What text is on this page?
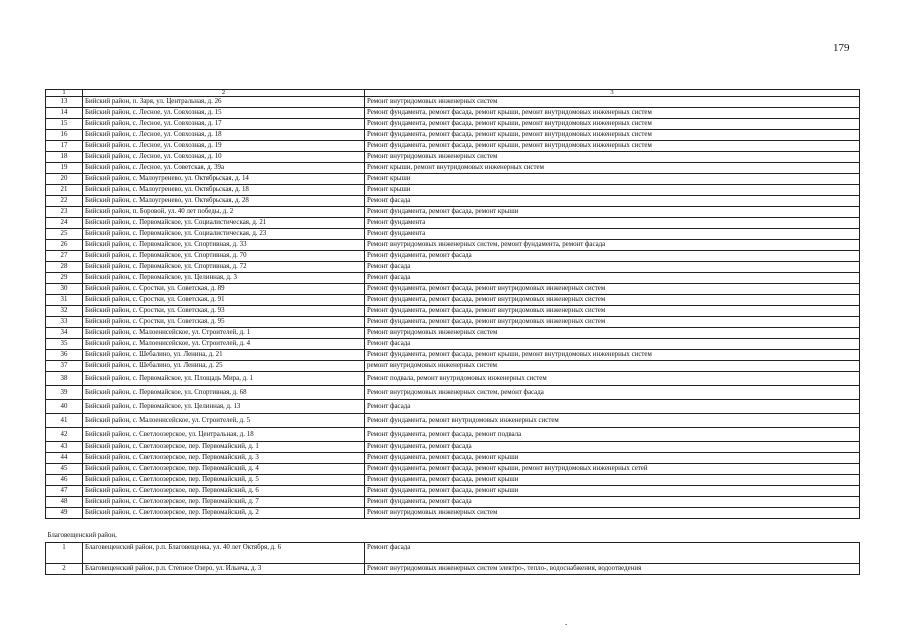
179
1	2	3
13	Бийский район, п. Заря, ул. Центральная, д. 26	Ремонт внутридомовых инженерных систем
14	Бийский район, с. Лесное, ул. Совхозная, д. 15	Ремонт фундамента, ремонт фасада, ремонт крыши, ремонт внутридомовых инженерных систем
15	Бийский район, с. Лесное, ул. Совхозная, д. 17	Ремонт фундамента, ремонт фасада, ремонт крыши, ремонт внутридомовых инженерных систем
16	Бийский район, с. Лесное, ул. Совхозная, д. 18	Ремонт фундамента, ремонт фасада, ремонт крыши, ремонт внутридомовых инженерных систем
17	Бийский район, с. Лесное, ул. Совхозная, д. 19	Ремонт фундамента, ремонт фасада, ремонт крыши, ремонт внутридомовых инженерных систем
18	Бийский район, с. Лесное, ул. Совхозная, д. 10	Ремонт внутридомовых инженерных систем
19	Бийский район, с. Лесное, ул. Советская, д. 39а	Ремонт крыши, ремонт внутридомовых инженерных систем
20	Бийский район, с. Малоугренево, ул. Октябрьская, д. 14	Ремонт крыши
21	Бийский район, с. Малоугренево, ул. Октябрьская, д. 18	Ремонт крыши
22	Бийский район, с. Малоугренево, ул. Октябрьская, д. 28	Ремонт фасада
23	Бийский район, п. Боровой, ул. 40 лет победы, д. 2	Ремонт фундамента, ремонт фасада, ремонт крыши
24	Бийский район, с. Первомайское, ул. Социалистическая, д. 21	Ремонт фундамента
25	Бийский район, с. Первомайское, ул. Социалистическая, д. 23	Ремонт фундамента
26	Бийский район, с. Первомайское, ул. Спортивная, д. 33	Ремонт внутридомовых инженерных систем, ремонт фундамента, ремонт фасада
27	Бийский район, с. Первомайское, ул. Спортивная, д. 70	Ремонт фундамента, ремонт фасада
28	Бийский район, с. Первомайское, ул. Спортивная, д. 72	Ремонт фасада
29	Бийский район, с. Первомайское, ул. Целинная, д. 3	Ремонт фасада
30	Бийский район, с. Сростки, ул. Советская, д. 89	Ремонт фундамента, ремонт фасада, ремонт внутридомовых инженерных систем
31	Бийский район, с. Сростки, ул. Советская, д. 91	Ремонт фундамента, ремонт фасада, ремонт внутридомовых инженерных систем
32	Бийский район, с. Сростки, ул. Советская, д. 93	Ремонт фундамента, ремонт фасада, ремонт внутридомовых инженерных систем
33	Бийский район, с. Сростки, ул. Советская, д. 95	Ремонт фундамента, ремонт фасада, ремонт внутридомовых инженерных систем
34	Бийский район, с. Малоенисейское, ул. Строителей, д. 1	Ремонт внутридомовых инженерных систем
35	Бийский район, с. Малоенисейское, ул. Строителей, д. 4	Ремонт фасада
36	Бийский район, с. Шебалино, ул. Ленина, д. 21	Ремонт фундамента, ремонт фасада, ремонт крыши, ремонт внутридомовых инженерных систем
37	Бийский район, с. Шебалино, ул. Ленина, д. 25	ремонт внутридомовых инженерных систем
38	Бийский район, с. Первомайское, ул. Площадь Мира, д. 1	Ремонт подвала, ремонт внутридомовых инженерных систем
39	Бийский район, с. Первомайское, ул. Спортивная, д. 68	Ремонт внутридомовых инженерных систем, ремонт фасада
40	Бийский район, с. Первомайское, ул. Целинная, д. 13	Ремонт фасада
41	Бийский район, с. Малоенисейское, ул. Строителей, д. 5	Ремонт фундамента, ремонт внутридомовых инженерных систем
42	Бийский район, с. Светлоозерское, ул. Центральная, д. 18	Ремонт фундамента, ремонт фасада, ремонт подвала
43	Бийский район, с. Светлоозерское, пер. Первомайский, д. 1	Ремонт фундамента, ремонт фасада
44	Бийский район, с. Светлоозерское, пер. Первомайский, д. 3	Ремонт фундамента, ремонт фасада, ремонт крыши
45	Бийский район, с. Светлоозерское, пер. Первомайский, д. 4	Ремонт фундамента, ремонт фасада, ремонт крыши, ремонт внутридомовых инженерных сетей
46	Бийский район, с. Светлоозерское, пер. Первомайский, д. 5	Ремонт фундамента, ремонт фасада, ремонт крыши
47	Бийский район, с. Светлоозерское, пер. Первомайский, д. 6	Ремонт фундамента, ремонт фасада, ремонт крыши
48	Бийский район, с. Светлоозерское, пер. Первомайский, д. 7	Ремонт фундамента, ремонт фасада
49	Бийский район, с. Светлоозерское, пер. Первомайский, д. 2	Ремонт внутридомовых инженерных систем
Благовещенский район,		
1	Благовещенский район, р.п. Благовещенка, ул. 40 лет Октября, д. 6	Ремонт фасада
2	Благовещенский район, р.п. Степное Озеро, ул. Ильича, д. 3	Ремонт внутридомовых инженерных систем электро-, тепло-, водоснабжения, водоотведения
.
